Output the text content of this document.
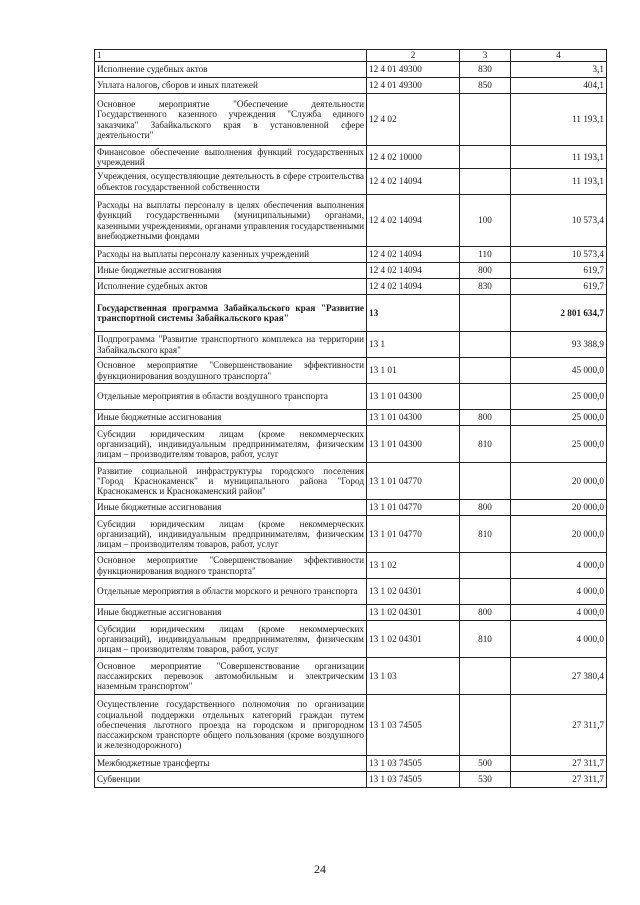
1	2	3	4
Исполнение судебных актов	12 4 01 49300	830	3,1
Уплата налогов, сборов и иных платежей	12 4 01 49300	850	404,1
Основное мероприятие "Обеспечение деятельности Государственного казенного учреждения "Служба единого заказчика" Забайкальского края в установленной сфере деятельности"	12 4 02		11 193,1
Финансовое обеспечение выполнения функций государственных учреждений	12 4 02 10000		11 193,1
Учреждения, осуществляющие деятельность в сфере строительства объектов государственной собственности	12 4 02 14094		11 193,1
Расходы на выплаты персоналу в целях обеспечения выполнения функций государственными (муниципальными) органами, казенными учреждениями, органами управления государственными внебюджетными фондами	12 4 02 14094	100	10 573,4
Расходы на выплаты персоналу казенных учреждений	12 4 02 14094	110	10 573,4
Иные бюджетные ассигнования	12 4 02 14094	800	619,7
Исполнение судебных актов	12 4 02 14094	830	619,7
Государственная программа Забайкальского края "Развитие транспортной системы Забайкальского края"	13		2 801 634,7
Подпрограмма "Развитие транспортного комплекса на территории Забайкальского края"	13 1		93 388,9
Основное мероприятие "Совершенствование эффективности функционирования воздушного транспорта"	13 1 01		45 000,0
Отдельные мероприятия в области воздушного транспорта	13 1 01 04300		25 000,0
Иные бюджетные ассигнования	13 1 01 04300	800	25 000,0
Субсидии юридическим лицам (кроме некоммерческих организаций), индивидуальным предпринимателям, физическим лицам – производителям товаров, работ, услуг	13 1 01 04300	810	25 000,0
Развитие социальной инфраструктуры городского поселения "Город Краснокаменск" и муниципального района "Город Краснокаменск и Краснокаменский район"	13 1 01 04770		20 000,0
Иные бюджетные ассигнования	13 1 01 04770	800	20 000,0
Субсидии юридическим лицам (кроме некоммерческих организаций), индивидуальным предпринимателям, физическим лицам – производителям товаров, работ, услуг	13 1 01 04770	810	20 000,0
Основное мероприятие "Совершенствование эффективности функционирования водного транспорта"	13 1 02		4 000,0
Отдельные мероприятия в области морского и речного транспорта	13 1 02 04301		4 000,0
Иные бюджетные ассигнования	13 1 02 04301	800	4 000,0
Субсидии юридическим лицам (кроме некоммерческих организаций), индивидуальным предпринимателям, физическим лицам – производителям товаров, работ, услуг	13 1 02 04301	810	4 000,0
Основное мероприятие "Совершенствование организации пассажирских перевозок автомобильным и электрическим наземным транспортом"	13 1 03		27 380,4
Осуществление государственного полномочия по организации социальной поддержки отдельных категорий граждан путем обеспечения льготного проезда на городском и пригородном пассажирском транспорте общего пользования (кроме воздушного и железнодорожного)	13 1 03 74505		27 311,7
Межбюджетные трансферты	13 1 03 74505	500	27 311,7
Субвенции	13 1 03 74505	530	27 311,7
24
